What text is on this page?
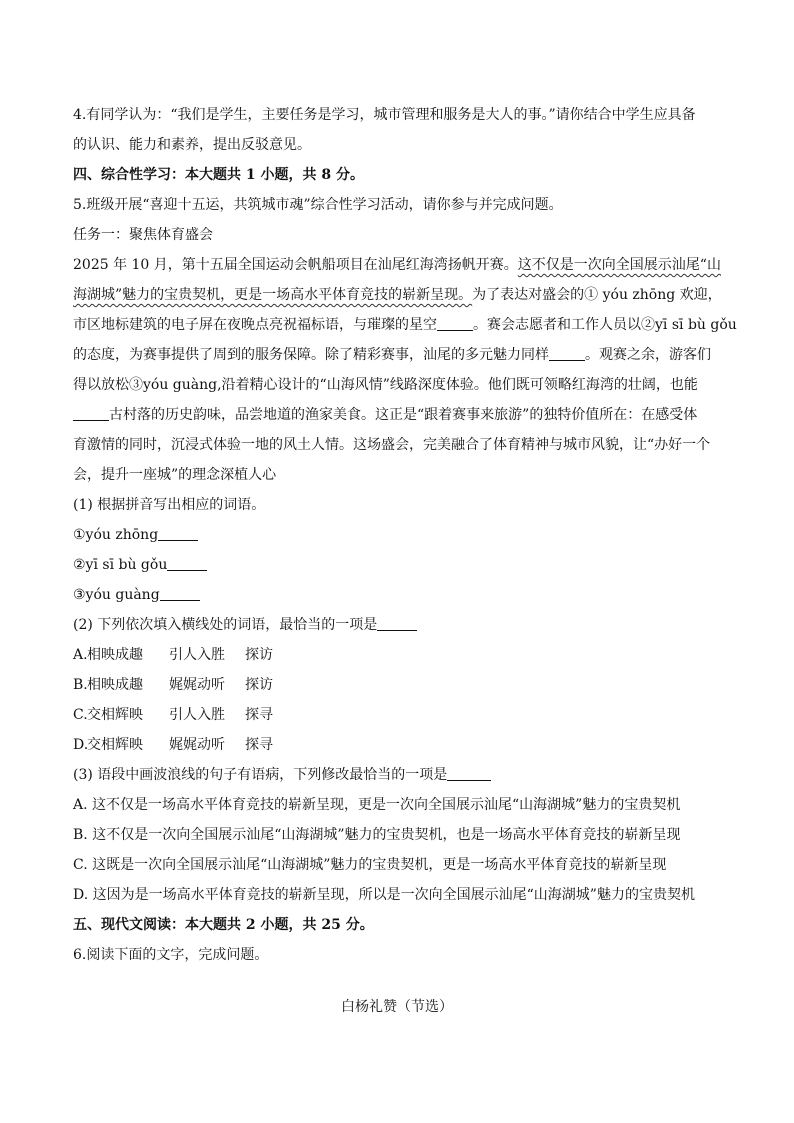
4.有同学认为：“我们是学生，主要任务是学习，城市管理和服务是大人的事。”请你结合中学生应具备
的认识、能力和素养，提出反驳意见。
四、综合性学习：本大题共 1 小题，共 8 分。
5.班级开展“喜迎十五运，共筑城市魂”综合性学习活动，请你参与并完成问题。
任务一：聚焦体育盛会
2025 年 10 月，第十五届全国运动会帆船项目在汕尾红海湾扬帆开赛。这不仅是一次向全国展示汕尾“山
海湖城”魅力的宝贵契机，更是一场高水平体育竞技的崭新呈现。为了表达对盛会的① yóu zhōng 欢迎，
市区地标建筑的电子屏在夜晚点亮祝福标语，与璀璨的星空	。赛会志愿者和工作人员以②yī sī bù gǒu
的态度，为赛事提供了周到的服务保障。除了精彩赛事，汕尾的多元魅力同样	。观赛之余，游客们
得以放松③yóu guàng,沿着精心设计的“山海风情”线路深度体验。他们既可领略红海湾的壮阔，也能
古村落的历史韵味，品尝地道的渔家美食。这正是“跟着赛事来旅游”的独特价值所在：在感受体
育激情的同时，沉浸式体验一地的风土人情。这场盛会，完美融合了体育精神与城市风貌，让“办好一个
会，提升一座城”的理念深植人心
(1) 根据拼音写出相应的词语。
①yóu zhōng
②yī sī bù gǒu
③yóu guàng
(2) 下列依次填入横线处的词语，最恰当的一项是
A.相映成趣 引人入胜 探访
B.相映成趣 娓娓动听 探访
C.交相辉映 引人入胜 探寻
D.交相辉映 娓娓动听 探寻
(3) 语段中画波浪线的句子有语病，下列修改最恰当的一项是
A. 这不仅是一场高水平体育竞技的崭新呈现，更是一次向全国展示汕尾“山海湖城”魅力的宝贵契机
B. 这不仅是一次向全国展示汕尾“山海湖城”魅力的宝贵契机，也是一场高水平体育竞技的崭新呈现
C. 这既是一次向全国展示汕尾“山海湖城”魅力的宝贵契机，更是一场高水平体育竞技的崭新呈现
D. 这因为是一场高水平体育竞技的崭新呈现，所以是一次向全国展示汕尾“山海湖城”魅力的宝贵契机
五、现代文阅读：本大题共 2 小题，共 25 分。
6.阅读下面的文字，完成问题。
白杨礼赞（节选）
